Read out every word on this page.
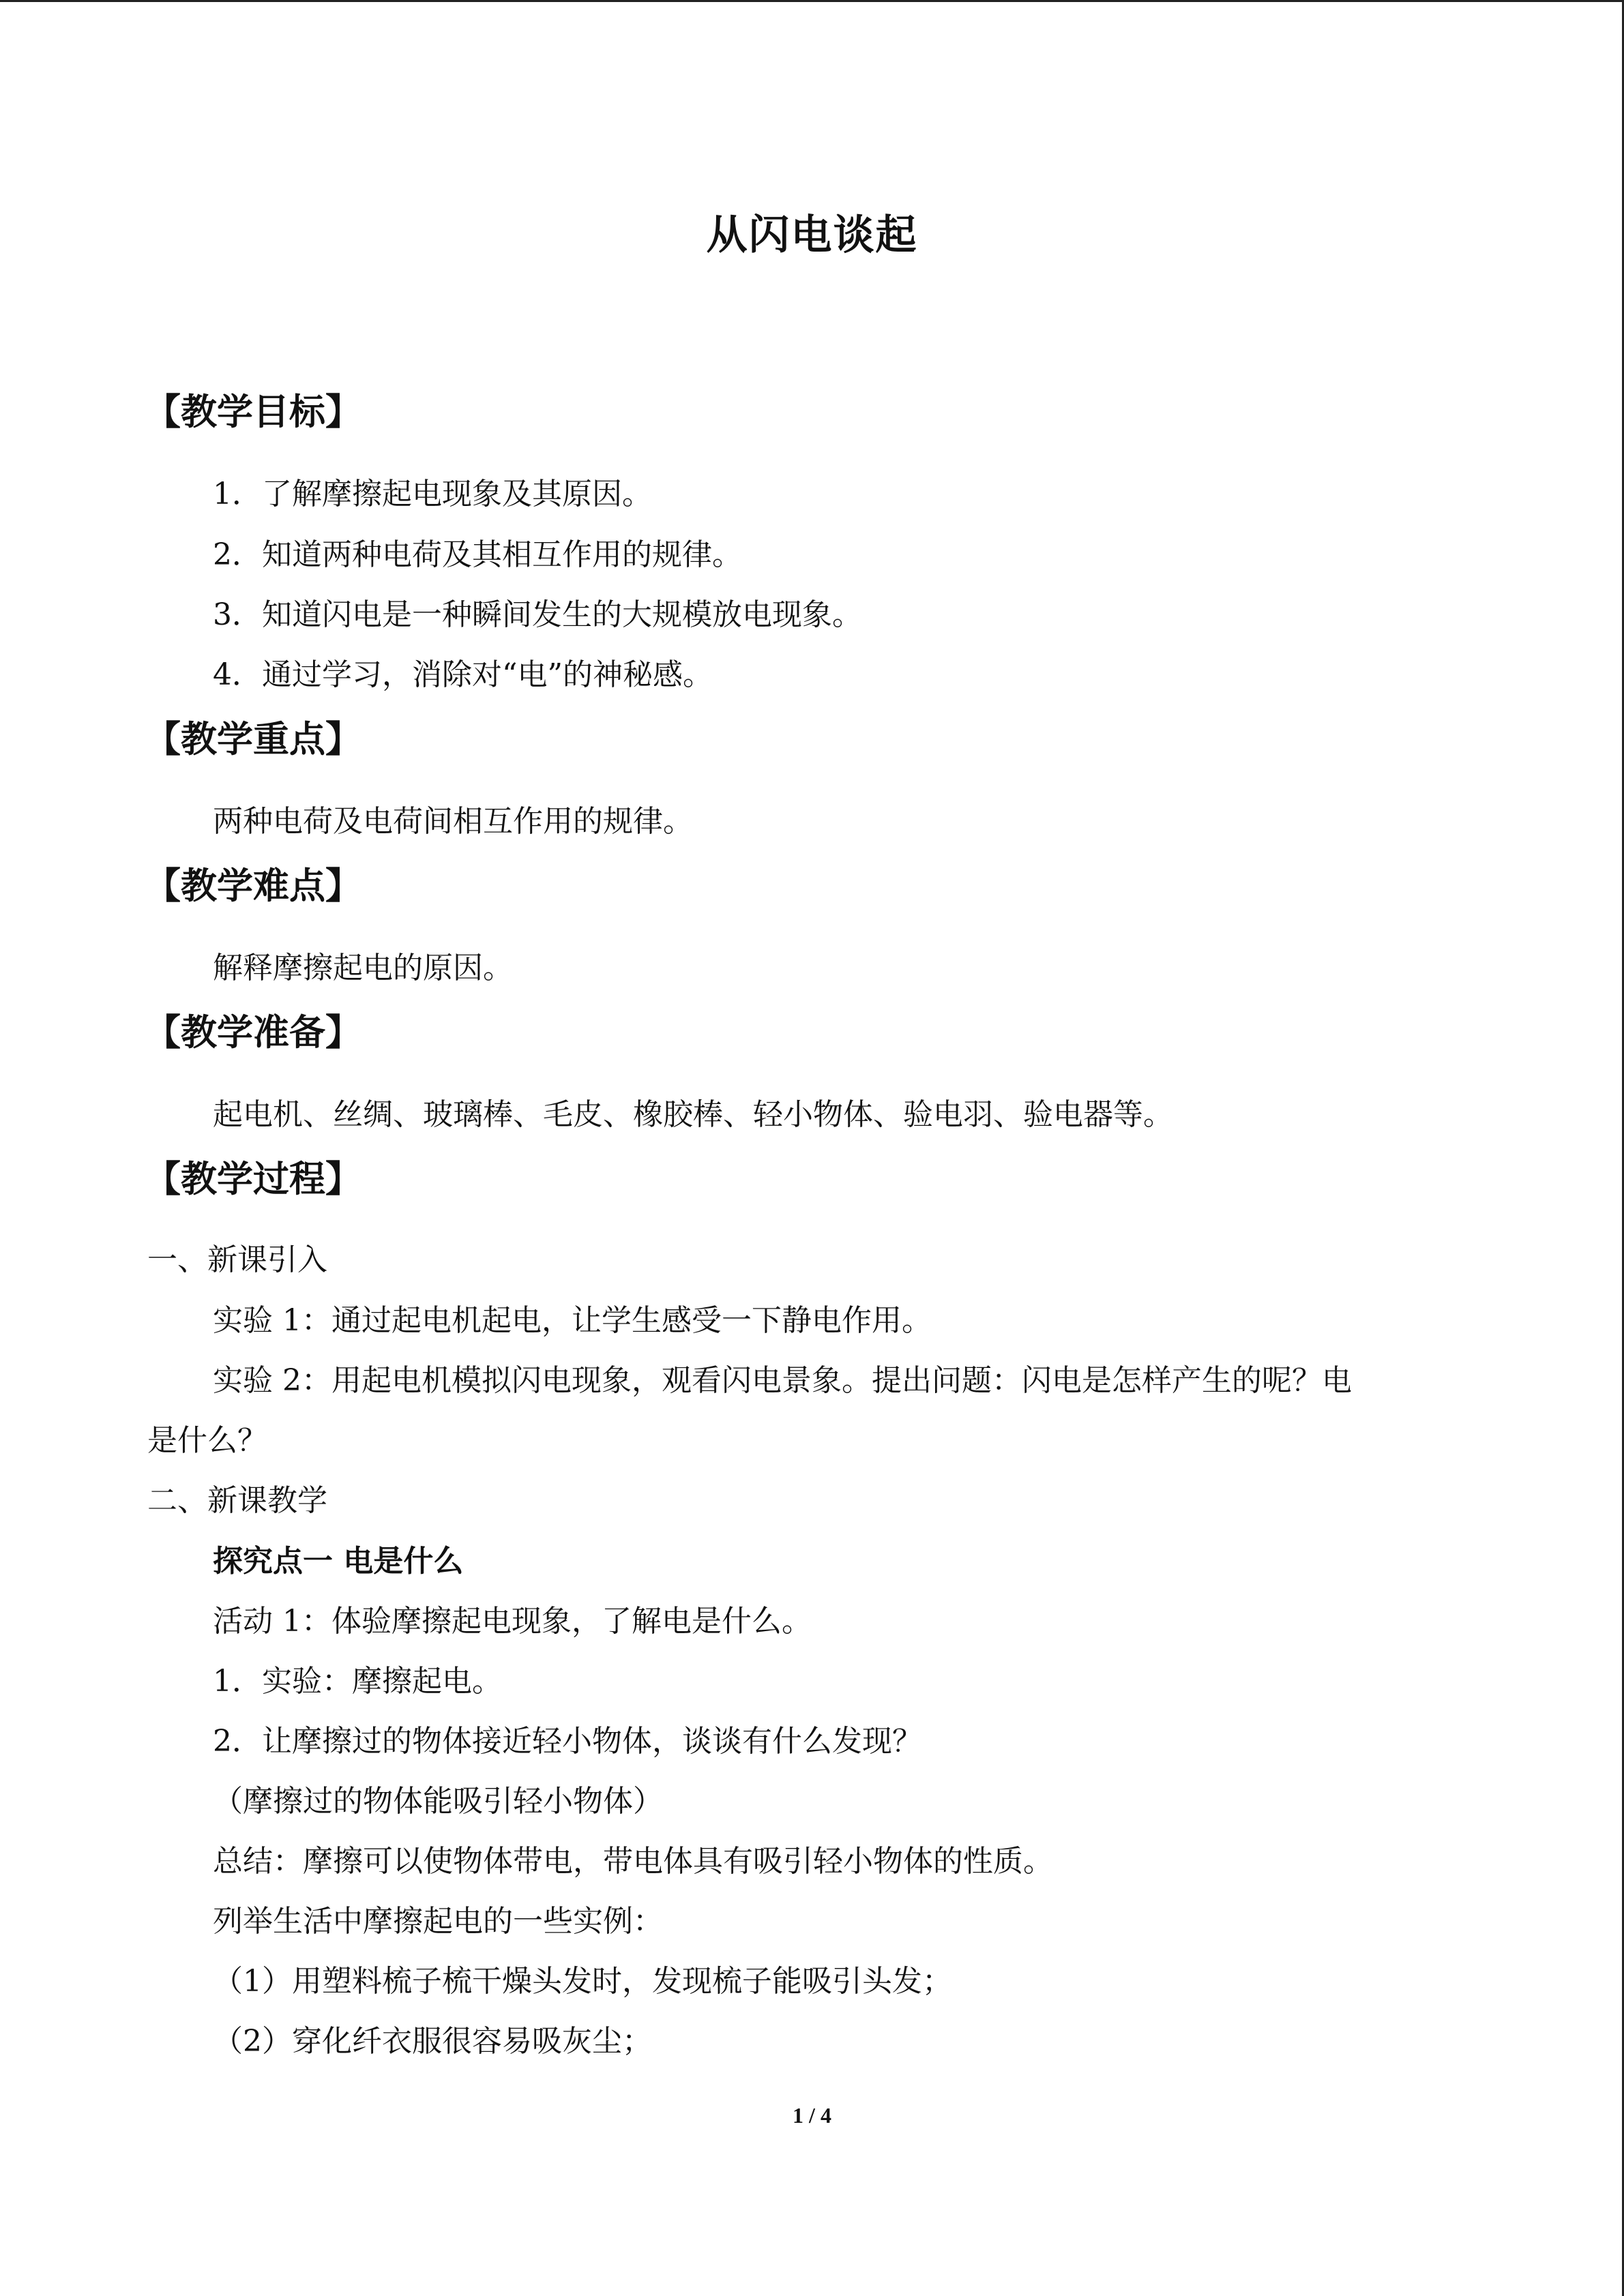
从闪电谈起
【教学目标】
1．了解摩擦起电现象及其原因。
2．知道两种电荷及其相互作用的规律。
3．知道闪电是一种瞬间发生的大规模放电现象。
4．通过学习，消除对“电”的神秘感。
【教学重点】
两种电荷及电荷间相互作用的规律。
【教学难点】
解释摩擦起电的原因。
【教学准备】
起电机、丝绸、玻璃棒、毛皮、橡胶棒、轻小物体、验电羽、验电器等。
【教学过程】
一、新课引入
实验 1：通过起电机起电，让学生感受一下静电作用。
实验 2：用起电机模拟闪电现象，观看闪电景象。提出问题：闪电是怎样产生的呢？电
是什么？
二、新课教学
探究点一 电是什么
活动 1：体验摩擦起电现象，了解电是什么。
1．实验：摩擦起电。
2．让摩擦过的物体接近轻小物体，谈谈有什么发现？
（摩擦过的物体能吸引轻小物体）
总结：摩擦可以使物体带电，带电体具有吸引轻小物体的性质。
列举生活中摩擦起电的一些实例：
（1）用塑料梳子梳干燥头发时，发现梳子能吸引头发；
（2）穿化纤衣服很容易吸灰尘；
1 / 4
